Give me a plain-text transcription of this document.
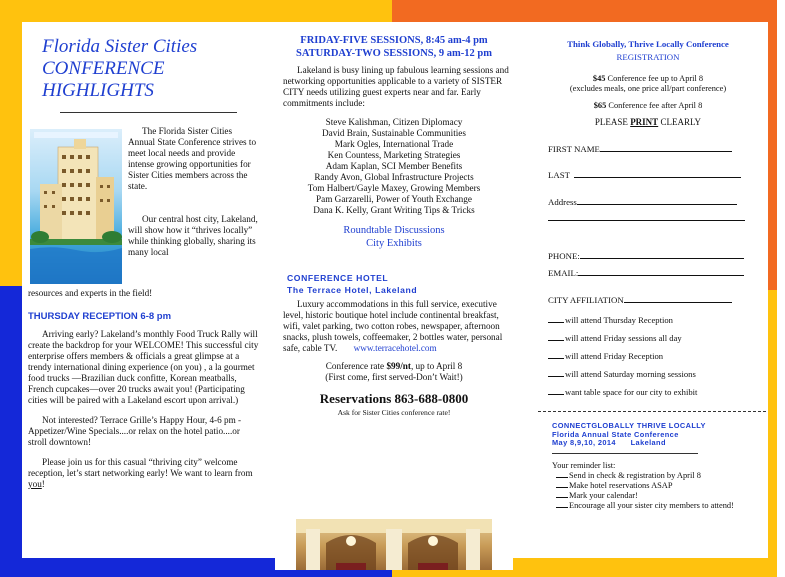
Florida Sister Cities
CONFERENCE
HIGHLIGHTS

The Florida Sister Cities Annual State Conference strives to meet local needs and provide intense growing opportunities for Sister Cities members across the state.

Our central host city, Lakeland, will show how it “thrives locally” while thinking globally, sharing its many local

resources and experts in the field!

THURSDAY RECEPTION 6-8 pm

Arriving early? Lakeland’s monthly Food Truck Rally will create the backdrop for your WELCOME! This successful city enterprise offers members & officials a great glimpse at a trendy international dining experience (on you) , a la gourmet food trucks —Brazilian duck confitte, Korean meatballs, French cupcakes—over 20 trucks await you! (Participating cities will be paired with a Lakeland escort upon arrival.)

Not interested? Terrace Grille’s Happy Hour, 4-6 pm - Appetizer/Wine Specials....or relax on the hotel patio....or stroll downtown!

Please join us for this casual “thriving city” welcome reception, let’s start networking early! We want to learn from you!

FRIDAY-FIVE SESSIONS, 8:45 am-4 pm
SATURDAY-TWO SESSIONS, 9 am-12 pm

Lakeland is busy lining up fabulous learning sessions and networking opportunities applicable to a variety of SISTER CITY needs utilizing guest experts near and far. Early commitments include:

Steve Kalishman, Citizen Diplomacy
David Brain, Sustainable Communities
Mark Ogles, International Trade
Ken Countess, Marketing Strategies
Adam Kaplan, SCI Member Benefits
Randy Avon, Global Infrastructure Projects
Tom Halbert/Gayle Maxey, Growing Members
Pam Garzarelli, Power of Youth Exchange
Dana K. Kelly, Grant Writing Tips & Tricks
Roundtable Discussions
City Exhibits
CONFERENCE HOTEL
The Terrace Hotel, Lakeland

Luxury accommodations in this full service, executive level, historic boutique hotel include continental breakfast, wifi, valet parking, two cotton robes, newspaper, afternoon snacks, plush towels, coffeemaker, 2 bottles water, personal safe, cable TV. www.terracehotel.com

Conference rate $99/nt, up to April 8
(First come, first served-Don’t Wait!)
Reservations 863-688-0800
Ask for Sister Cities conference rate!
Think Globally, Thrive Locally Conference
REGISTRATION
$45 Conference fee up to April 8
(excludes meals, one price all/part conference)
$65 Conference fee after April 8
PLEASE PRINT CLEARLY
FIRST NAME
LAST
Address
PHONE:
EMAIL:
CITY AFFILIATION
will attend Thursday Reception
will attend Friday sessions all day
will attend Friday Reception
will attend Saturday morning sessions
want table space for our city to exhibit
CONNECTGLOBALLY THRIVE LOCALLY
Florida Annual State Conference
May 8,9,10, 2014      Lakeland
Your reminder list:
Send in check & registration by April 8
Make hotel reservations ASAP
Mark your calendar!
Encourage all your sister city members to attend!
